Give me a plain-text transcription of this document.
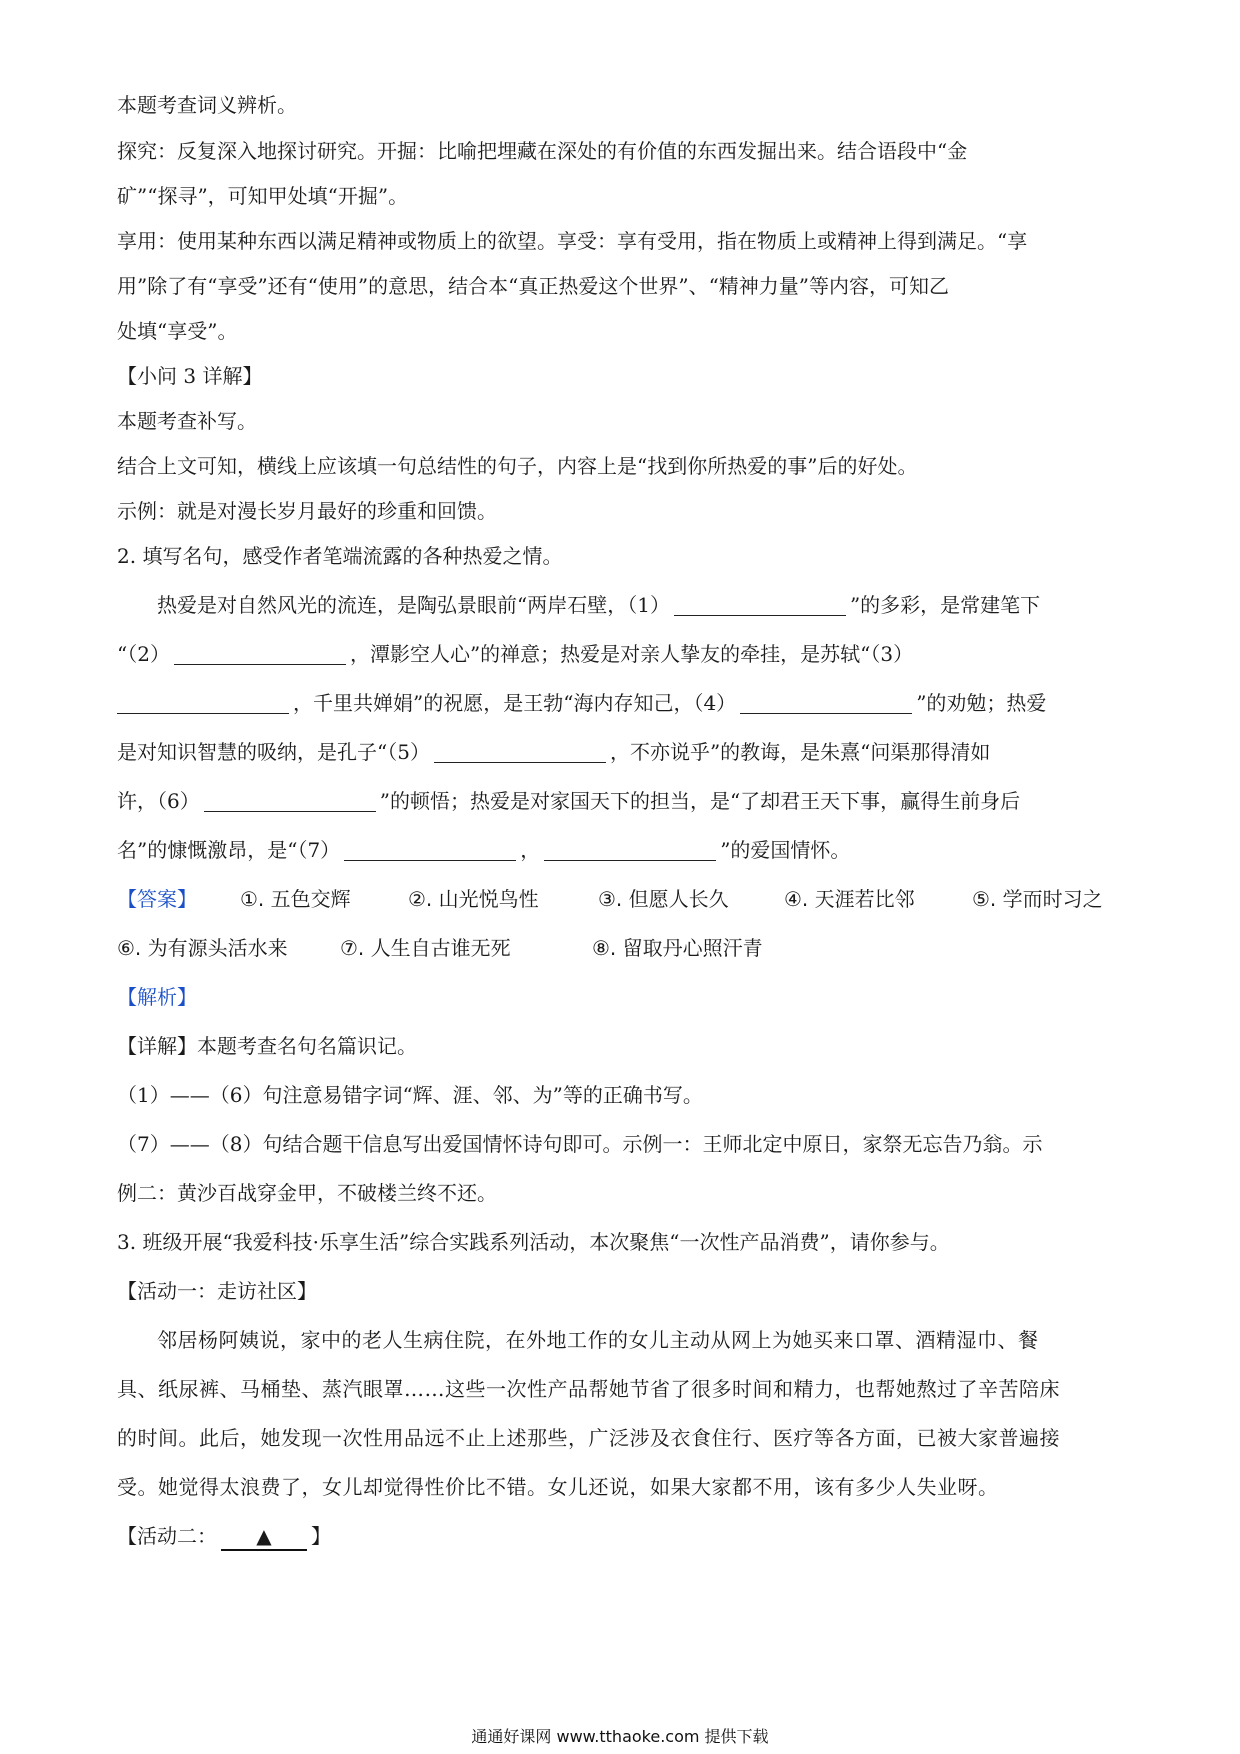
本题考查词义辨析。
探究：反复深入地探讨研究。开掘：比喻把埋藏在深处的有价值的东西发掘出来。结合语段中“金
矿”“探寻”，可知甲处填“开掘”。
享用：使用某种东西以满足精神或物质上的欲望。享受：享有受用，指在物质上或精神上得到满足。“享
用”除了有“享受”还有“使用”的意思，结合本“真正热爱这个世界”、“精神力量”等内容，可知乙
处填“享受”。
【小问 3 详解】
本题考查补写。
结合上文可知，横线上应该填一句总结性的句子，内容上是“找到你所热爱的事”后的好处。
示例：就是对漫长岁月最好的珍重和回馈。
2. 填写名句，感受作者笔端流露的各种热爱之情。
热爱是对自然风光的流连，是陶弘景眼前“两岸石壁，（1）	”的多彩，是常建笔下
“（2）	，潭影空人心”的禅意；热爱是对亲人挚友的牵挂，是苏轼“（3）
，千里共婵娟”的祝愿，是王勃“海内存知己，（4）	”的劝勉；热爱
是对知识智慧的吸纳，是孔子“（5）	，不亦说乎”的教诲，是朱熹“问渠那得清如
许，（6）	”的顿悟；热爱是对家国天下的担当，是“了却君王天下事，赢得生前身后
名”的慷慨激昂，是“（7）	，	”的爱国情怀。
【答案】 ①. 五色交辉	②. 山光悦鸟性	③. 但愿人长久	④. 天涯若比邻	⑤. 学而时习之
⑥. 为有源头活水来	⑦. 人生自古谁无死	⑧. 留取丹心照汗青
【解析】
【详解】本题考查名句名篇识记。
（1）——（6）句注意易错字词“辉、涯、邻、为”等的正确书写。
（7）——（8）句结合题干信息写出爱国情怀诗句即可。示例一：王师北定中原日，家祭无忘告乃翁。示
例二：黄沙百战穿金甲，不破楼兰终不还。
3. 班级开展“我爱科技·乐享生活”综合实践系列活动，本次聚焦“一次性产品消费”，请你参与。
【活动一：走访社区】
邻居杨阿姨说，家中的老人生病住院，在外地工作的女儿主动从网上为她买来口罩、酒精湿巾、餐
具、纸尿裤、马桶垫、蒸汽眼罩……这些一次性产品帮她节省了很多时间和精力，也帮她熬过了辛苦陪床
的时间。此后，她发现一次性用品远不止上述那些，广泛涉及衣食住行、医疗等各方面，已被大家普遍接
受。她觉得太浪费了，女儿却觉得性价比不错。女儿还说，如果大家都不用，该有多少人失业呀。
【活动二： ▲ 】
通通好课网 www.tthaoke.com 提供下载
